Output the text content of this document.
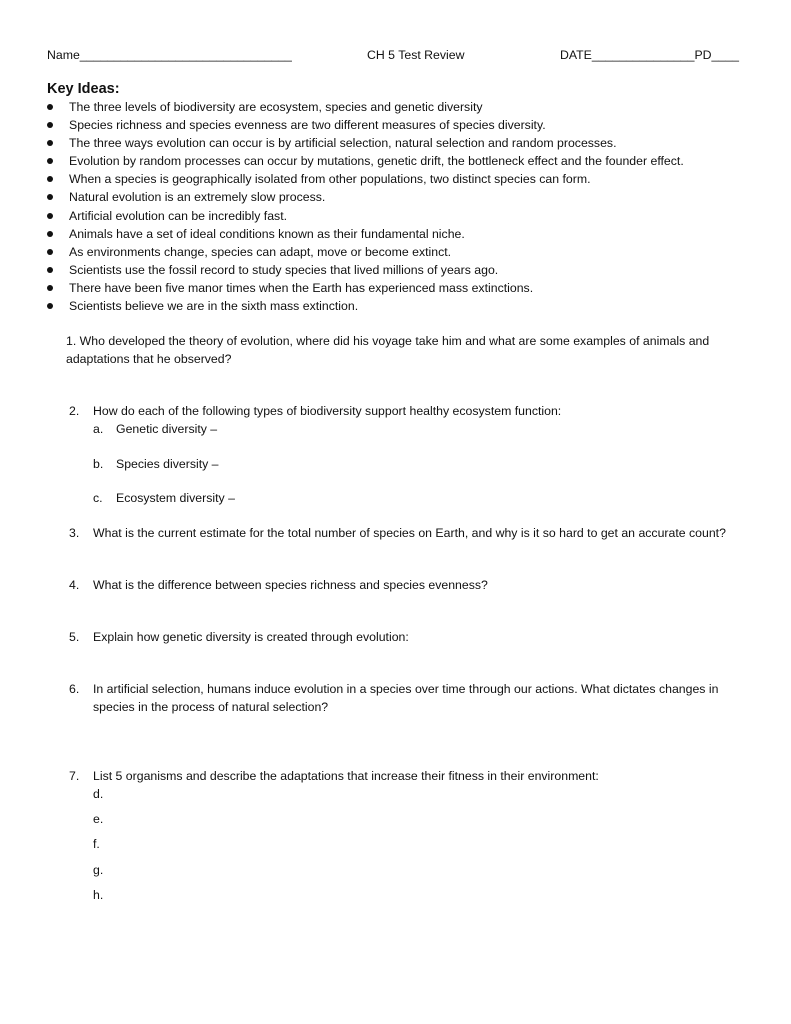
Name_______________________________	CH 5 Test Review	DATE_______________PD____
Key Ideas:
The three levels of biodiversity are ecosystem, species and genetic diversity
Species richness and species evenness are two different measures of species diversity.
The three ways evolution can occur is by artificial selection, natural selection and random processes.
Evolution by random processes can occur by mutations, genetic drift, the bottleneck effect and the founder effect.
When a species is geographically isolated from other populations, two distinct species can form.
Natural evolution is an extremely slow process.
Artificial evolution can be incredibly fast.
Animals have a set of ideal conditions known as their fundamental niche.
As environments change, species can adapt, move or become extinct.
Scientists use the fossil record to study species that lived millions of years ago.
There have been five manor times when the Earth has experienced mass extinctions.
Scientists believe we are in the sixth mass extinction.
1. Who developed the theory of evolution, where did his voyage take him and what are some examples of animals and adaptations that he observed?
2. How do each of the following types of biodiversity support healthy ecosystem function:
a. Genetic diversity –
b. Species diversity –
c. Ecosystem diversity –
3. What is the current estimate for the total number of species on Earth, and why is it so hard to get an accurate count?
4. What is the difference between species richness and species evenness?
5. Explain how genetic diversity is created through evolution:
6. In artificial selection, humans induce evolution in a species over time through our actions. What dictates changes in species in the process of natural selection?
7. List 5 organisms and describe the adaptations that increase their fitness in their environment:
d.
e.
f.
g.
h.
